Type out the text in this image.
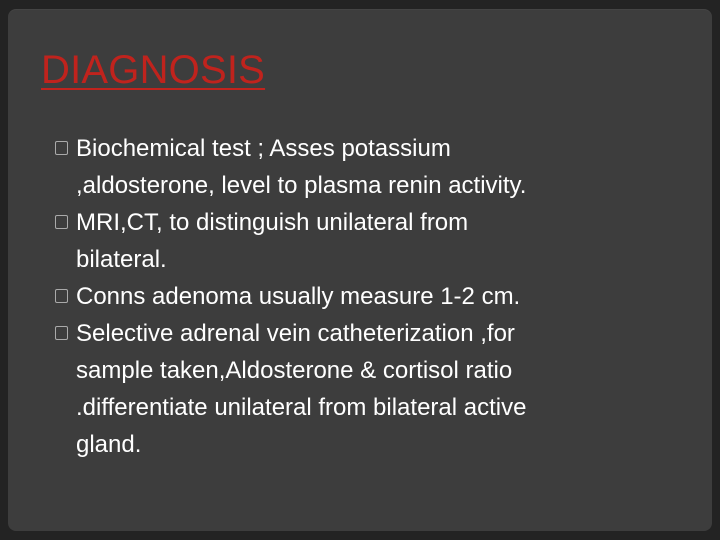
DIAGNOSIS
Biochemical test ; Asses potassium
,aldosterone, level to plasma renin activity.
MRI,CT, to distinguish unilateral from
bilateral.
Conns adenoma usually measure 1-2 cm.
Selective adrenal vein catheterization ,for
sample taken,Aldosterone & cortisol ratio
.differentiate unilateral from bilateral active
gland.
